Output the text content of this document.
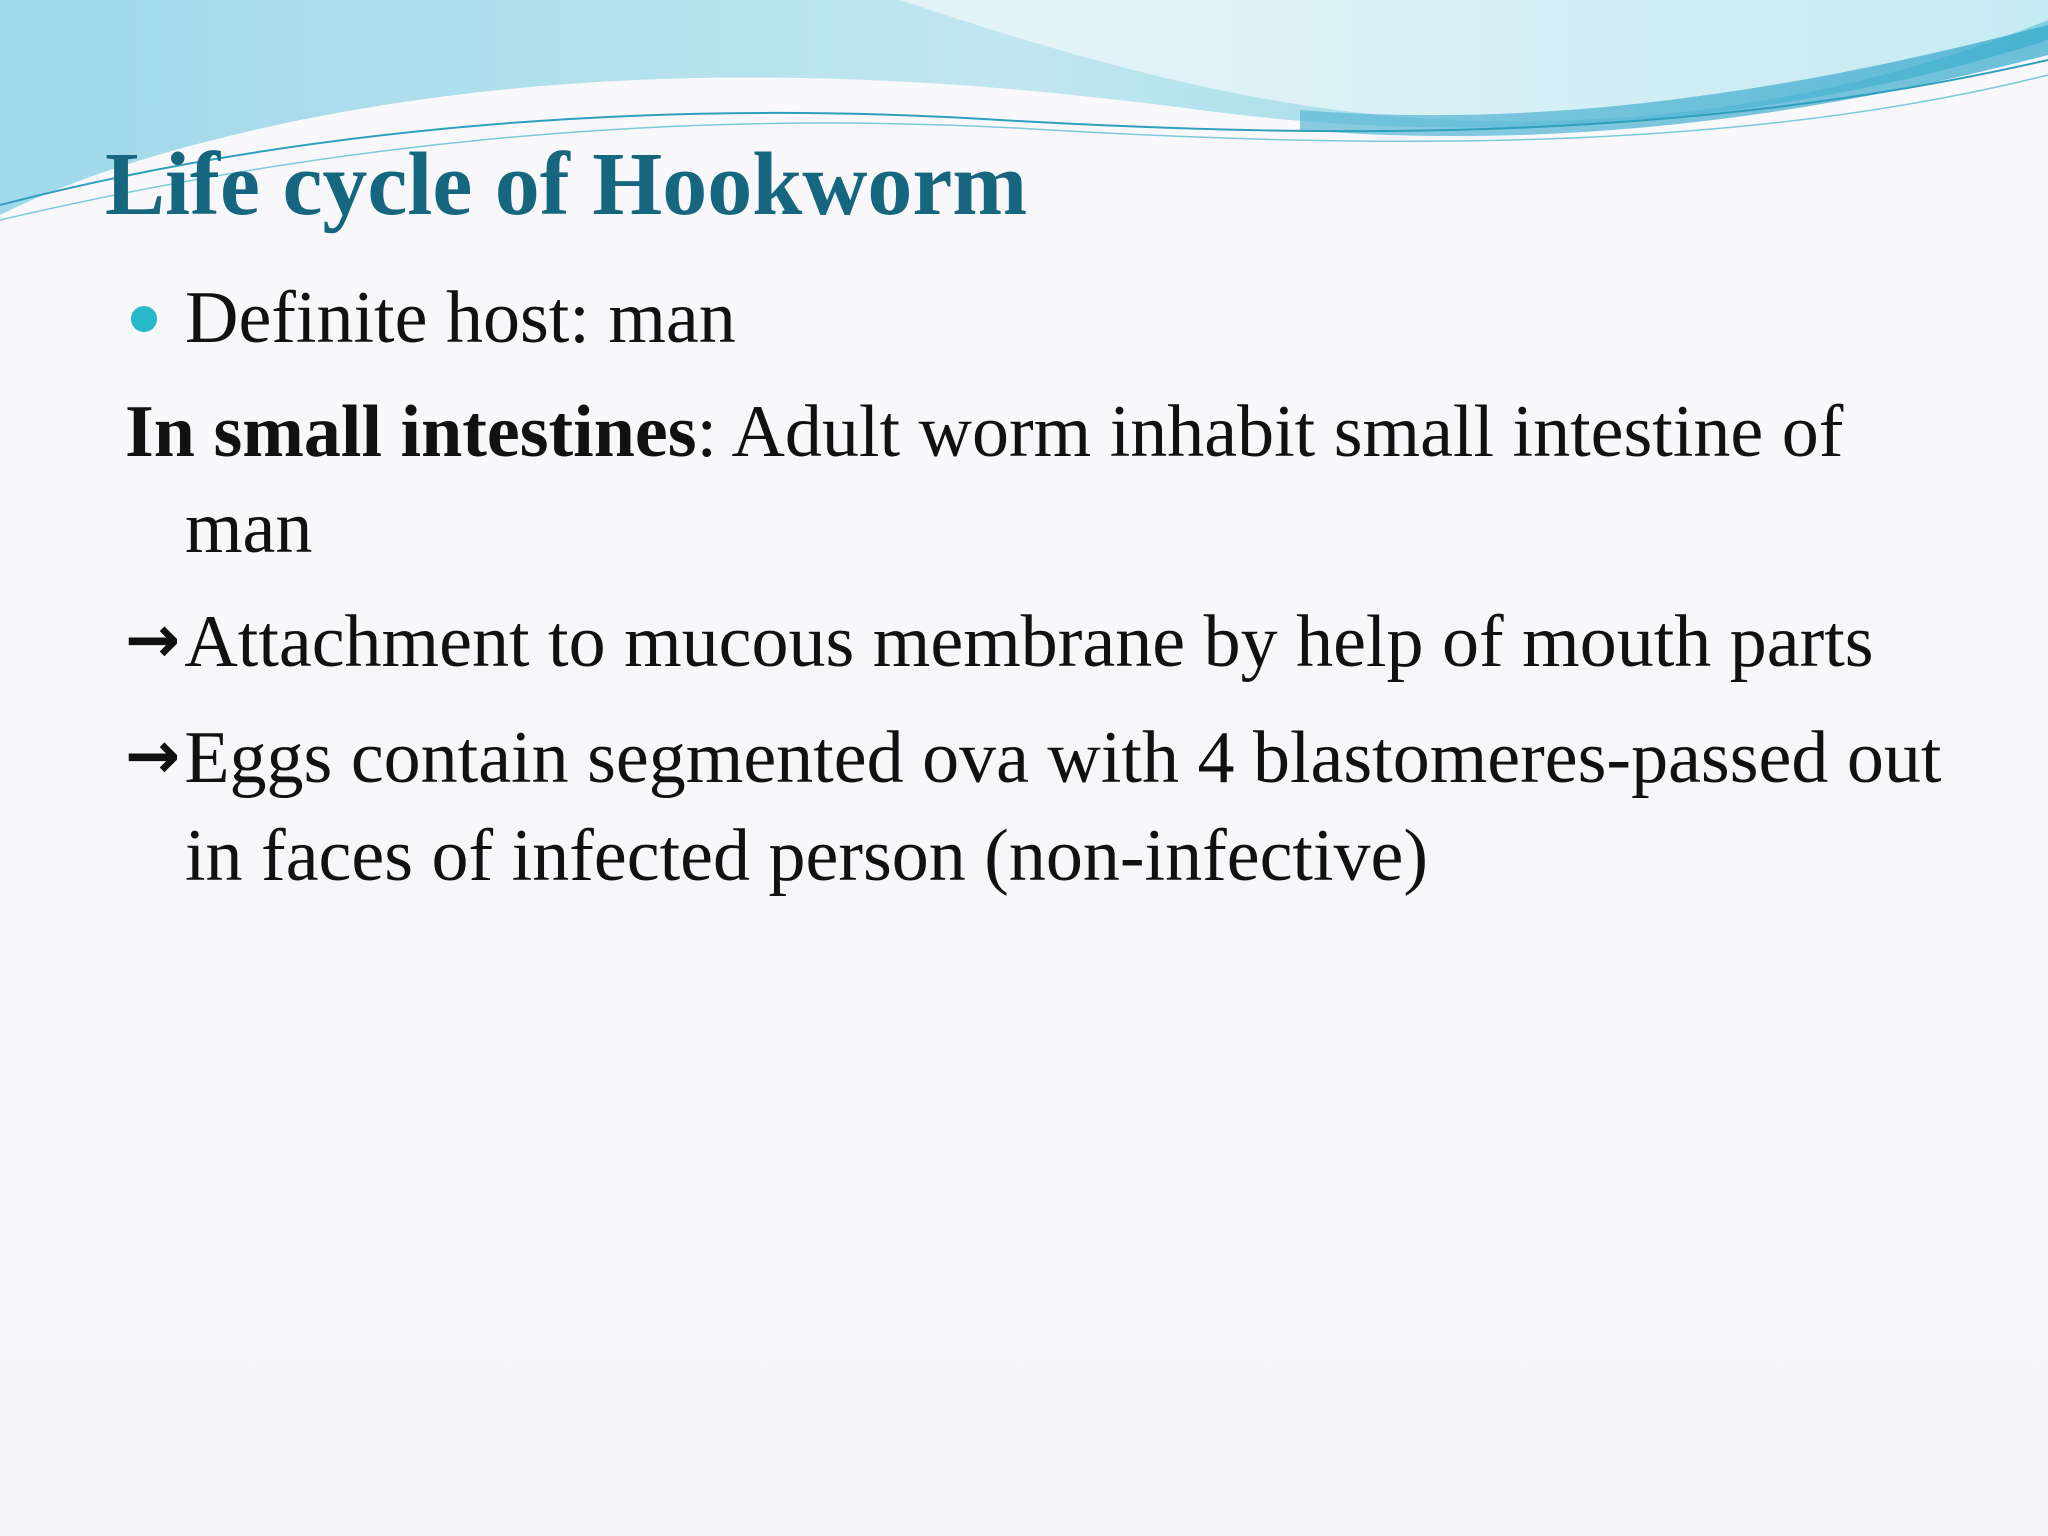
Life cycle of Hookworm

Definite host: man

In small intestines: Adult worm inhabit small intestine of man

→Attachment to mucous membrane by help of mouth parts

→Eggs contain segmented ova with 4 blastomeres-passed out in faces of infected person (non-infective)
